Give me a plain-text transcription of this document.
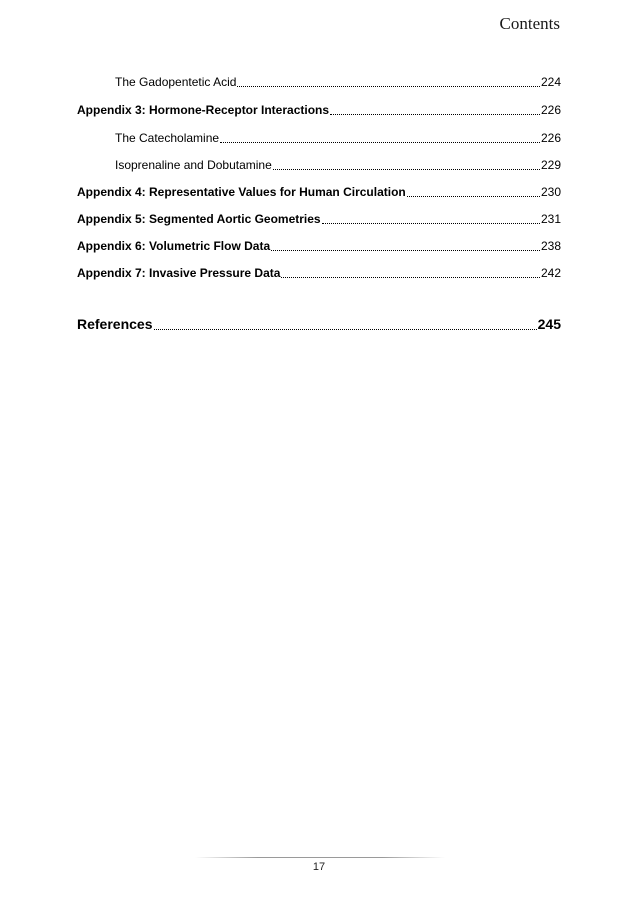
Contents
The Gadopentetic Acid	224
Appendix 3: Hormone-Receptor Interactions	226
The Catecholamine	226
Isoprenaline and Dobutamine	229
Appendix 4: Representative Values for Human Circulation	230
Appendix 5: Segmented Aortic Geometries	231
Appendix 6: Volumetric Flow Data	238
Appendix 7: Invasive Pressure Data	242
References	245
17
